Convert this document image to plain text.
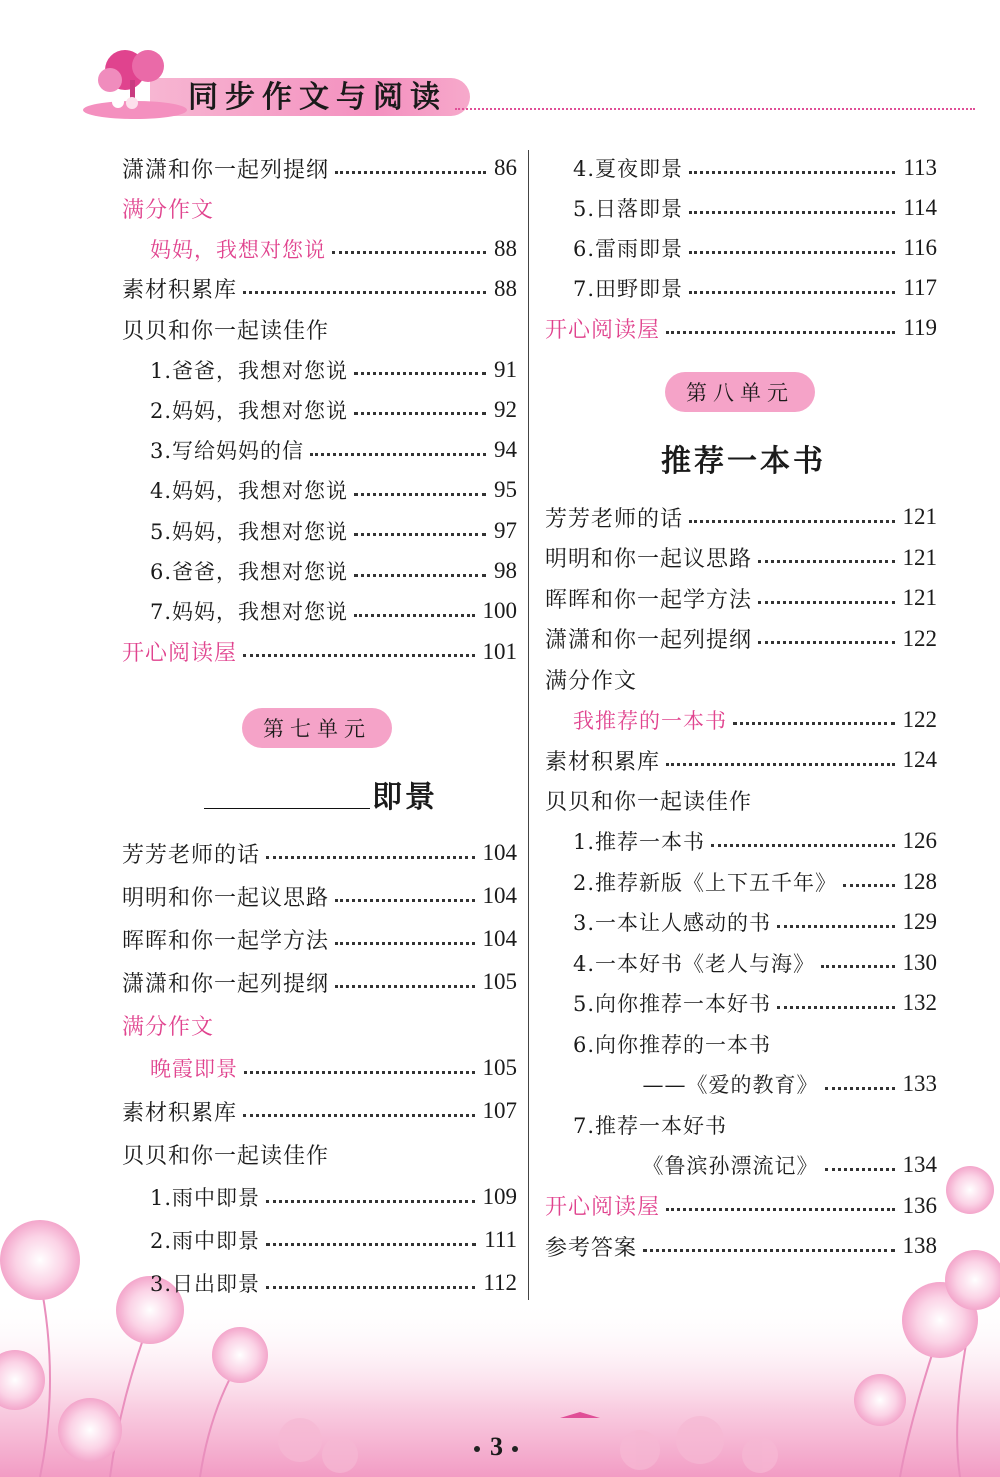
同步作文与阅读
第七单元
即景
潇潇和你一起列提纲	86
满分作文
妈妈，我想对您说	88
素材积累库	88
贝贝和你一起读佳作
1.爸爸，我想对您说	91
2.妈妈，我想对您说	92
3.写给妈妈的信	94
4.妈妈，我想对您说	95
5.妈妈，我想对您说	97
6.爸爸，我想对您说	98
7.妈妈，我想对您说	100
开心阅读屋	101
芳芳老师的话	104
明明和你一起议思路	104
晖晖和你一起学方法	104
潇潇和你一起列提纲	105
满分作文
晚霞即景	105
素材积累库	107
贝贝和你一起读佳作
1.雨中即景	109
2.雨中即景	111
3.日出即景	112
第八单元
推荐一本书
4.夏夜即景	113
5.日落即景	114
6.雷雨即景	116
7.田野即景	117
开心阅读屋	119
芳芳老师的话	121
明明和你一起议思路	121
晖晖和你一起学方法	121
潇潇和你一起列提纲	122
满分作文
我推荐的一本书	122
素材积累库	124
贝贝和你一起读佳作
1.推荐一本书	126
2.推荐新版《上下五千年》	128
3.一本让人感动的书	129
4.一本好书《老人与海》	130
5.向你推荐一本好书	132
6.向你推荐的一本书
——《爱的教育》	133
7.推荐一本好书
《鲁滨孙漂流记》	134
开心阅读屋	136
参考答案	138
3
